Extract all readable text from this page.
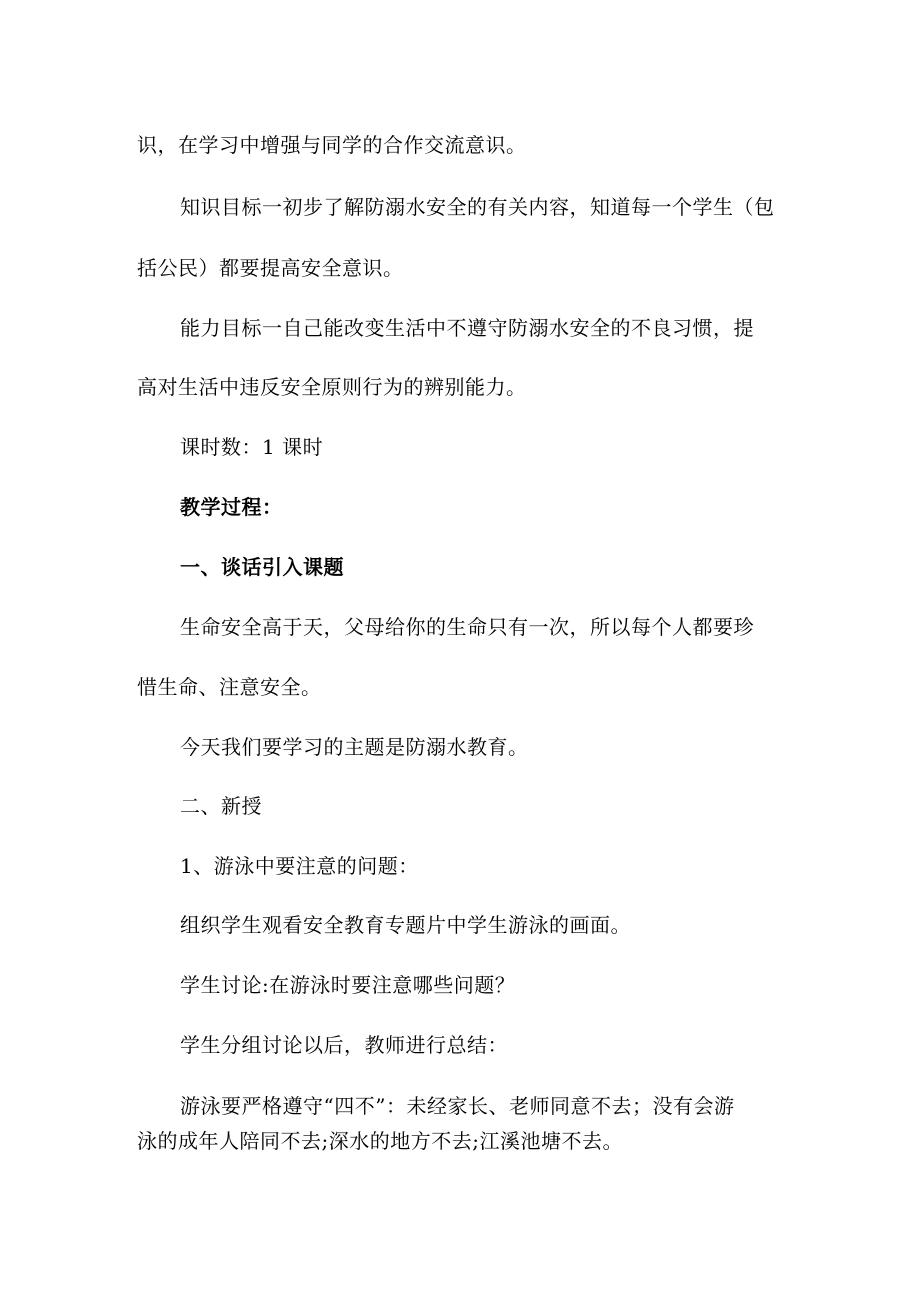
识，在学习中增强与同学的合作交流意识。
知识目标一初步了解防溺水安全的有关内容，知道每一个学生（包
括公民）都要提高安全意识。
能力目标一自己能改变生活中不遵守防溺水安全的不良习惯，提
高对生活中违反安全原则行为的辨别能力。
课时数：1 课时
教学过程：
一、谈话引入课题
生命安全高于天，父母给你的生命只有一次，所以每个人都要珍
惜生命、注意安全。
今天我们要学习的主题是防溺水教育。
二、新授
1、游泳中要注意的问题：
组织学生观看安全教育专题片中学生游泳的画面。
学生讨论:在游泳时要注意哪些问题？
学生分组讨论以后，教师进行总结：
游泳要严格遵守“四不”：未经家长、老师同意不去；没有会游
泳的成年人陪同不去;深水的地方不去;江溪池塘不去。
